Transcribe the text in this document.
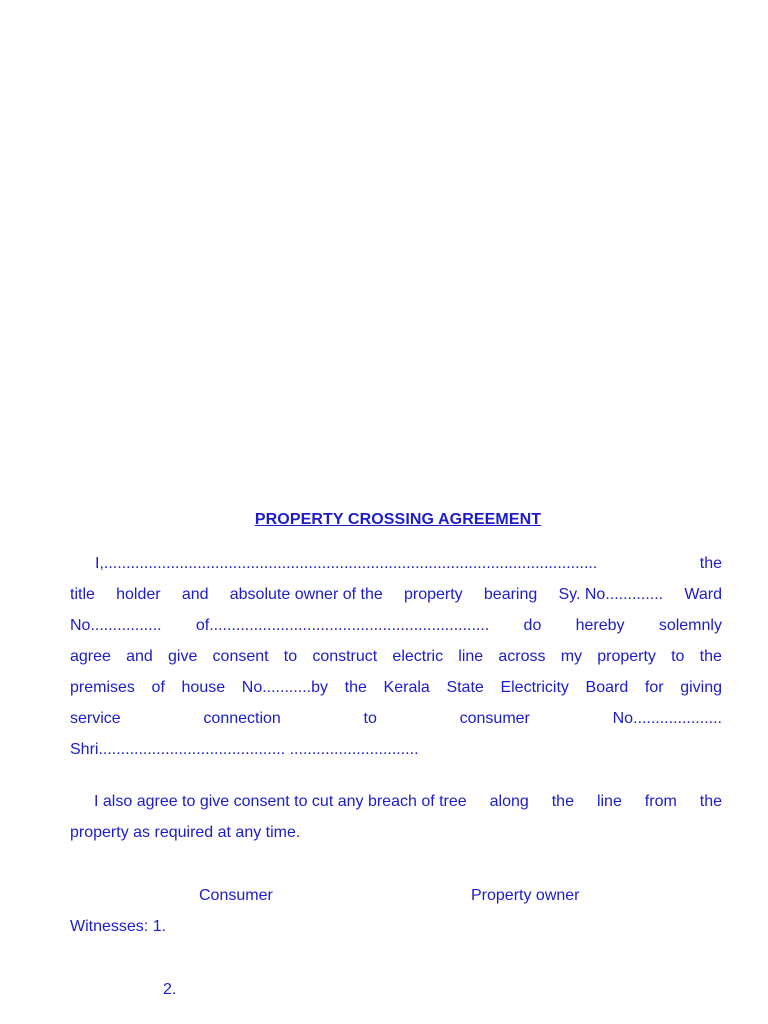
PROPERTY CROSSING AGREEMENT
I,...............................................................................................................	the
title holder and absolute owner of the property bearing Sy. No............. Ward
No................ of............................................................... do hereby solemnly
agree and give consent to construct electric line across my property to the
premises of house No...........by the Kerala State Electricity Board for giving
service	connection	to	consumer	No....................
Shri.......................................... .............................
I also agree to give consent to cut any breach of tree along the line from the
property as required at any time.
Consumer	Property owner
Witnesses: 1.
2.
